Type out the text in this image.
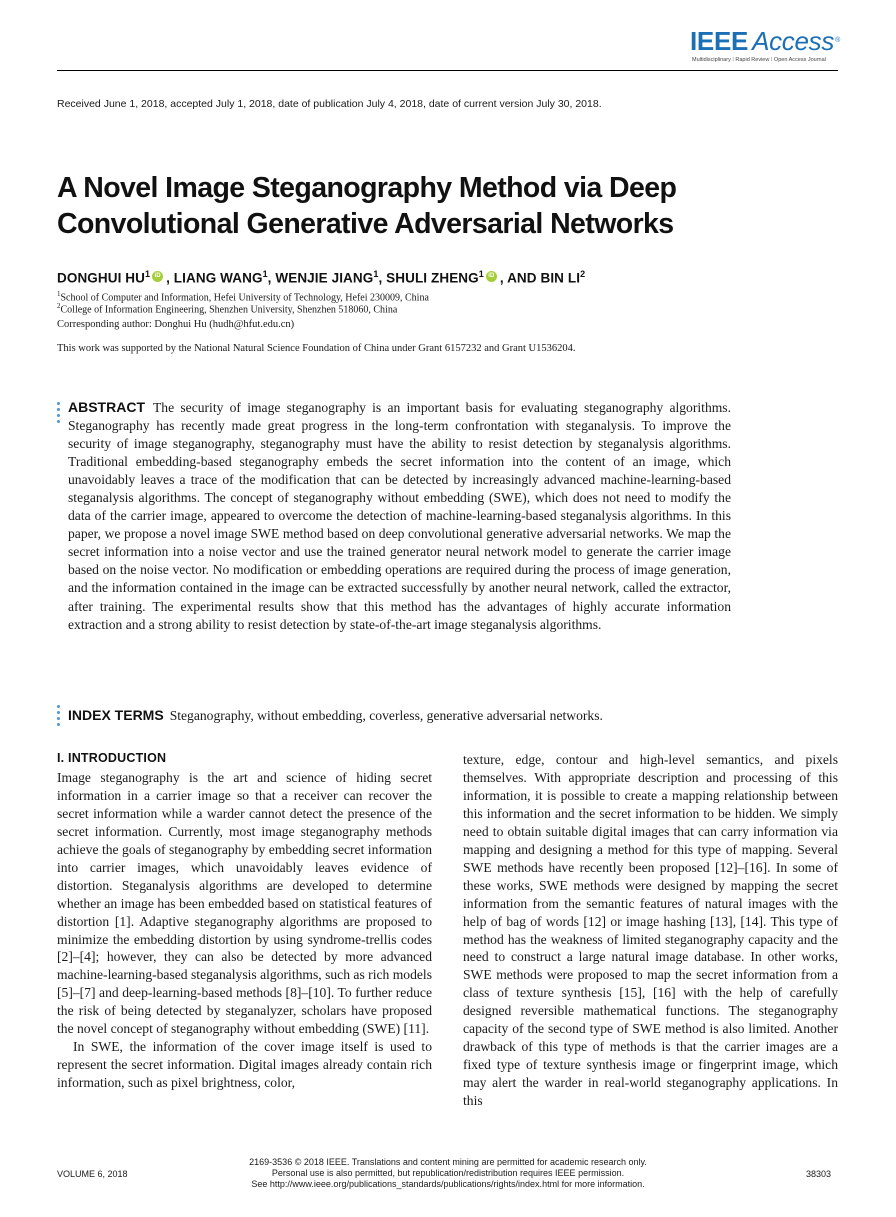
IEEE Access®
Multidisciplinary ⁞ Rapid Review ⁞ Open Access Journal
Received June 1, 2018, accepted July 1, 2018, date of publication July 4, 2018, date of current version July 30, 2018.
A Novel Image Steganography Method via Deep Convolutional Generative Adversarial Networks
DONGHUI $HU^1$ iD , LIANG WANG$^1$, WENJIE JIANG$^1$, SHULI ZHENG$^1$ iD , AND BIN $LI^2$
$^1$School of Computer and Information, Hefei University of Technology, Hefei 230009, China
$^2$College of Information Engineering, Shenzhen University, Shenzhen 518060, China
Corresponding author: Donghui Hu (hudh@hfut.edu.cn)
This work was supported by the National Natural Science Foundation of China under Grant 6157232 and Grant U1536204.
ABSTRACT The security of image steganography is an important basis for evaluating steganography algorithms. Steganography has recently made great progress in the long-term confrontation with steganalysis. To improve the security of image steganography, steganography must have the ability to resist detection by steganalysis algorithms. Traditional embedding-based steganography embeds the secret information into the content of an image, which unavoidably leaves a trace of the modification that can be detected by increasingly advanced machine-learning-based steganalysis algorithms. The concept of steganography without embedding (SWE), which does not need to modify the data of the carrier image, appeared to overcome the detection of machine-learning-based steganalysis algorithms. In this paper, we propose a novel image SWE method based on deep convolutional generative adversarial networks. We map the secret information into a noise vector and use the trained generator neural network model to generate the carrier image based on the noise vector. No modification or embedding operations are required during the process of image generation, and the information contained in the image can be extracted successfully by another neural network, called the extractor, after training. The experimental results show that this method has the advantages of highly accurate information extraction and a strong ability to resist detection by state-of-the-art image steganalysis algorithms.
INDEX TERMS Steganography, without embedding, coverless, generative adversarial networks.
I. INTRODUCTION

Image steganography is the art and science of hiding secret information in a carrier image so that a receiver can recover the secret information while a warder cannot detect the presence of the secret information. Currently, most image steganography methods achieve the goals of steganography by embedding secret information into carrier images, which unavoidably leaves evidence of distortion. Steganalysis algorithms are developed to determine whether an image has been embedded based on statistical features of distortion [1]. Adaptive steganography algorithms are proposed to minimize the embedding distortion by using syndrome-trellis codes [2]–[4]; however, they can also be detected by more advanced machine-learning-based steganalysis algorithms, such as rich models [5]–[7] and deep-learning-based methods [8]–[10]. To further reduce the risk of being detected by steganalyzer, scholars have proposed the novel concept of steganography without embedding (SWE) [11].

In SWE, the information of the cover image itself is used to represent the secret information. Digital images already contain rich information, such as pixel brightness, color,

texture, edge, contour and high-level semantics, and pixels themselves. With appropriate description and processing of this information, it is possible to create a mapping relationship between this information and the secret information to be hidden. We simply need to obtain suitable digital images that can carry information via mapping and designing a method for this type of mapping. Several SWE methods have recently been proposed [12]–[16]. In some of these works, SWE methods were designed by mapping the secret information from the semantic features of natural images with the help of bag of words [12] or image hashing [13], [14]. This type of method has the weakness of limited steganography capacity and the need to construct a large natural image database. In other works, SWE methods were proposed to map the secret information from a class of texture synthesis [15], [16] with the help of carefully designed reversible mathematical functions. The steganography capacity of the second type of SWE method is also limited. Another drawback of this type of methods is that the carrier images are a fixed type of texture synthesis image or fingerprint image, which may alert the warder in real-world steganography applications. In this

2169-3536 © 2018 IEEE. Translations and content mining are permitted for academic research only.
Personal use is also permitted, but republication/redistribution requires IEEE permission.
See http://www.ieee.org/publications_standards/publications/rights/index.html for more information.
VOLUME 6, 2018	38303
